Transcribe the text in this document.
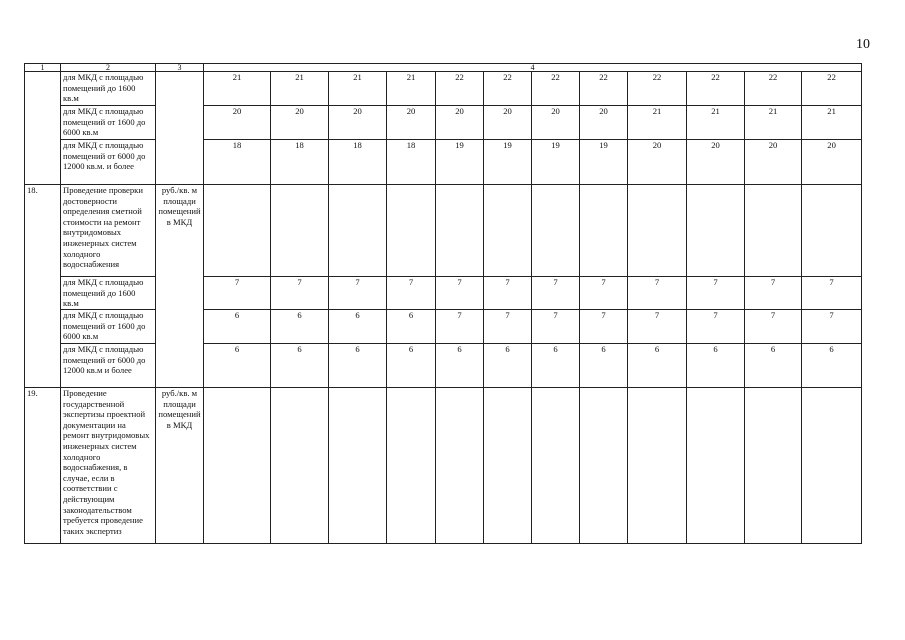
10
1	2	3	4											
	для МКД с площадью помещений до 1600 кв.м		21	21	21	21	22	22	22	22	22	22	22	22
	для МКД с площадью помещений от 1600 до 6000 кв.м		20	20	20	20	20	20	20	20	21	21	21	21
	для МКД с площадью помещений от 6000 до 12000 кв.м. и более		18	18	18	18	19	19	19	19	20	20	20	20
18.	Проведение проверки достоверности определения сметной стоимости на ремонт внутридомовых инженерных систем холодного водоснабжения	руб./кв. м площади помещений в МКД												
	для МКД с площадью помещений до 1600 кв.м		7	7	7	7	7	7	7	7	7	7	7	7
	для МКД с площадью помещений от 1600 до 6000 кв.м		6	6	6	6	7	7	7	7	7	7	7	7
	для МКД с площадью помещений от 6000 до 12000 кв.м и более		6	6	6	6	6	6	6	6	6	6	6	6
19.	Проведение государственной экспертизы проектной документации на ремонт внутридомовых инженерных систем холодного водоснабжения, в случае, если в соответствии с действующим законодательством требуется проведение таких экспертиз	руб./кв. м площади помещений в МКД												
